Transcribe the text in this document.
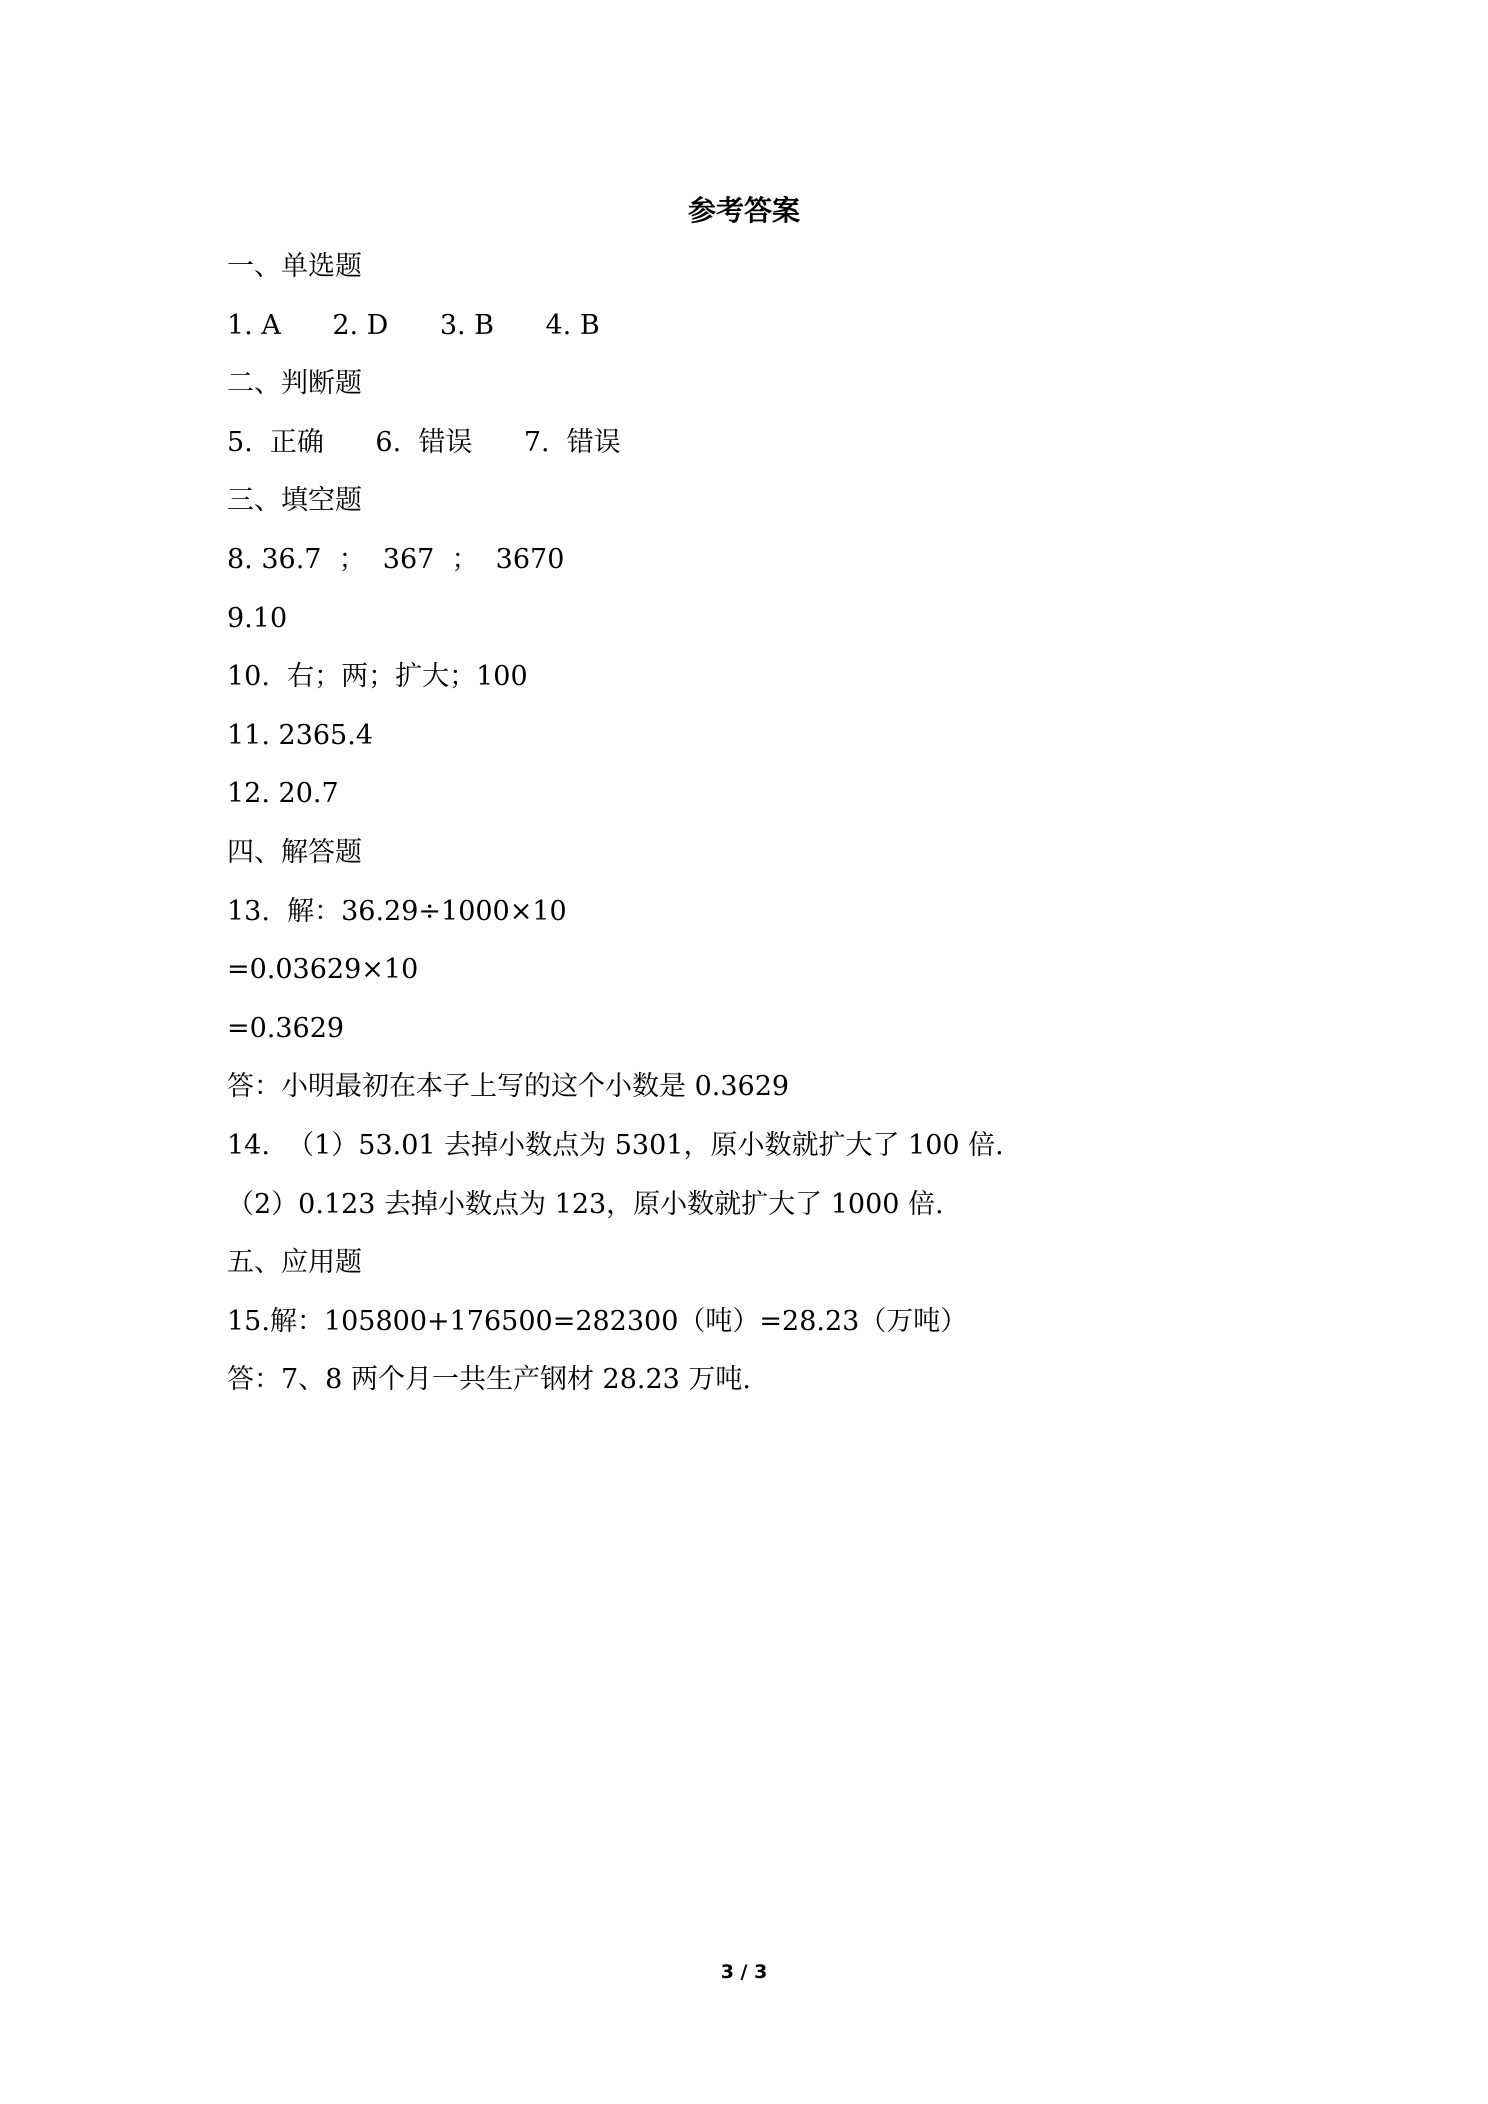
参考答案
一、单选题
1. A      2. D      3. B      4. B
二、判断题
5.  正确      6.  错误      7.  错误
三、填空题
8. 36.7  ；  367  ；  3670
9.10
10.  右；两；扩大；100
11. 2365.4
12. 20.7
四、解答题
13.  解：36.29÷1000×10
=0.03629×10
=0.3629
答：小明最初在本子上写的这个小数是 0.3629
14.  （1）53.01 去掉小数点为 5301，原小数就扩大了 100 倍.
（2）0.123 去掉小数点为 123，原小数就扩大了 1000 倍.
五、应用题
15.解：105800+176500=282300（吨）=28.23（万吨）
答：7、8 两个月一共生产钢材 28.23 万吨.
3 / 3
